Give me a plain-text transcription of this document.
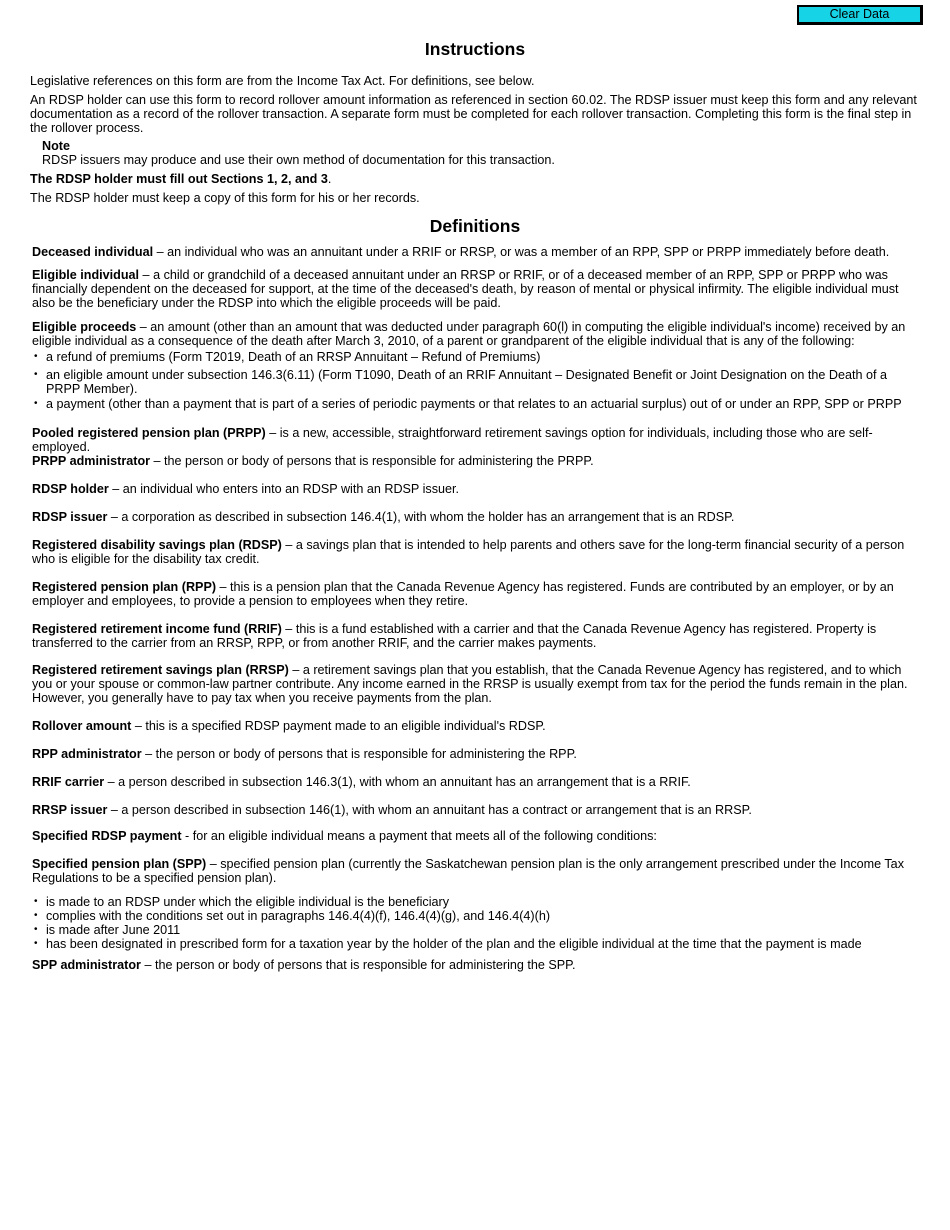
Clear Data
Instructions
Legislative references on this form are from the Income Tax Act. For definitions, see below.
An RDSP holder can use this form to record rollover amount information as referenced in section 60.02. The RDSP issuer must keep this form and any relevant documentation as a record of the rollover transaction. A separate form must be completed for each rollover transaction. Completing this form is the final step in the rollover process.
Note
RDSP issuers may produce and use their own method of documentation for this transaction.
The RDSP holder must fill out Sections 1, 2, and 3.
The RDSP holder must keep a copy of this form for his or her records.
Definitions
Deceased individual – an individual who was an annuitant under a RRIF or RRSP, or was a member of an RPP, SPP or PRPP immediately before death.
Eligible individual – a child or grandchild of a deceased annuitant under an RRSP or RRIF, or of a deceased member of an RPP, SPP or PRPP who was financially dependent on the deceased for support, at the time of the deceased's death, by reason of mental or physical infirmity. The eligible individual must also be the beneficiary under the RDSP into which the eligible proceeds will be paid.
Eligible proceeds – an amount (other than an amount that was deducted under paragraph 60(l) in computing the eligible individual's income) received by an eligible individual as a consequence of the death after March 3, 2010, of a parent or grandparent of the eligible individual that is any of the following:
Pooled registered pension plan (PRPP) – is a new, accessible, straightforward retirement savings option for individuals, including those who are self-employed.
PRPP administrator – the person or body of persons that is responsible for administering the PRPP.
RDSP holder – an individual who enters into an RDSP with an RDSP issuer.
RDSP issuer – a corporation as described in subsection 146.4(1), with whom the holder has an arrangement that is an RDSP.
Registered disability savings plan (RDSP) – a savings plan that is intended to help parents and others save for the long-term financial security of a person who is eligible for the disability tax credit.
Registered pension plan (RPP) – this is a pension plan that the Canada Revenue Agency has registered. Funds are contributed by an employer, or by an employer and employees, to provide a pension to employees when they retire.
Registered retirement income fund (RRIF) – this is a fund established with a carrier and that the Canada Revenue Agency has registered. Property is transferred to the carrier from an RRSP, RPP, or from another RRIF, and the carrier makes payments.
Registered retirement savings plan (RRSP) – a retirement savings plan that you establish, that the Canada Revenue Agency has registered, and to which you or your spouse or common-law partner contribute. Any income earned in the RRSP is usually exempt from tax for the period the funds remain in the plan. However, you generally have to pay tax when you receive payments from the plan.
Rollover amount – this is a specified RDSP payment made to an eligible individual's RDSP.
RPP administrator – the person or body of persons that is responsible for administering the RPP.
RRIF carrier – a person described in subsection 146.3(1), with whom an annuitant has an arrangement that is a RRIF.
RRSP issuer – a person described in subsection 146(1), with whom an annuitant has a contract or arrangement that is an RRSP.
Specified RDSP payment - for an eligible individual means a payment that meets all of the following conditions:
Specified pension plan (SPP) – specified pension plan (currently the Saskatchewan pension plan is the only arrangement prescribed under the Income Tax Regulations to be a specified pension plan).
SPP administrator – the person or body of persons that is responsible for administering the SPP.
• a refund of premiums (Form T2019, Death of an RRSP Annuitant – Refund of Premiums)
• an eligible amount under subsection 146.3(6.11) (Form T1090, Death of an RRIF Annuitant – Designated Benefit or Joint Designation on the Death of a PRPP Member).
• a payment (other than a payment that is part of a series of periodic payments or that relates to an actuarial surplus) out of or under an RPP, SPP or PRPP
• is made to an RDSP under which the eligible individual is the beneficiary
• complies with the conditions set out in paragraphs 146.4(4)(f), 146.4(4)(g), and 146.4(4)(h)
• is made after June 2011
• has been designated in prescribed form for a taxation year by the holder of the plan and the eligible individual at the time that the payment is made
